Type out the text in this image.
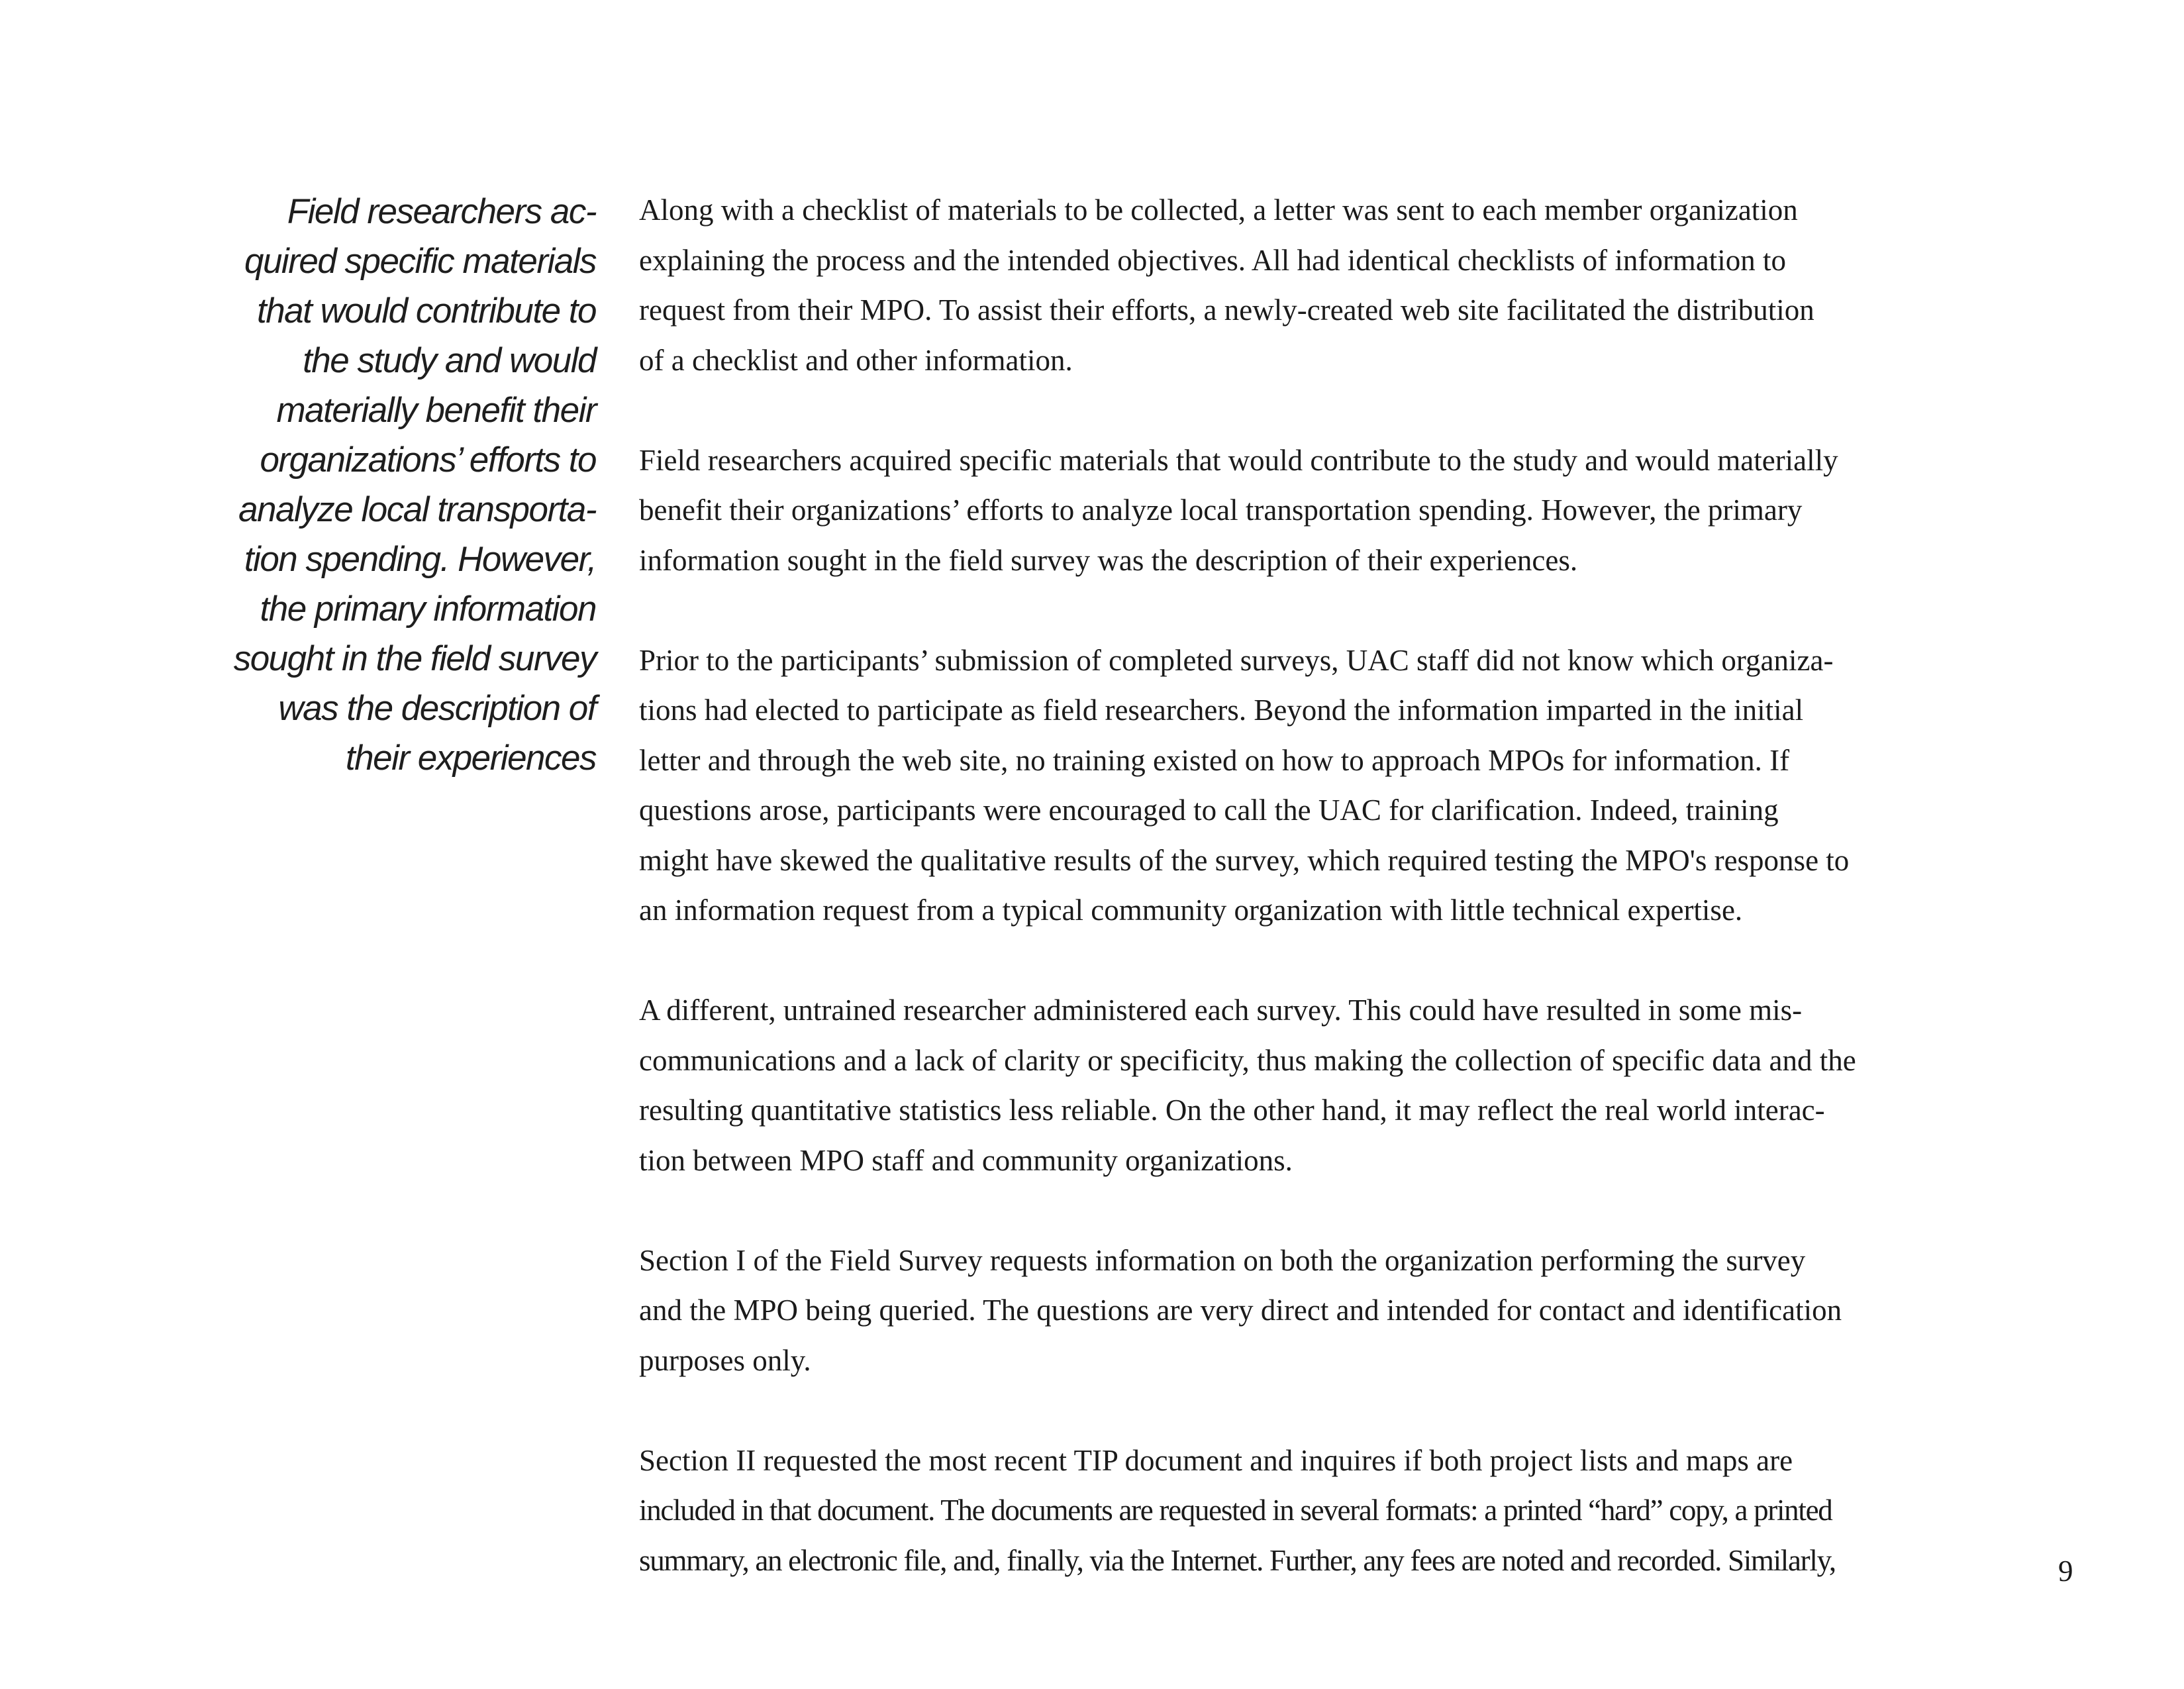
Field researchers ac-
quired specific materials
that would contribute to
the study and would
materially benefit their
organizations’ efforts to
analyze local transporta-
tion spending. However,
the primary information
sought in the field survey
was the description of
their experiences

Along with a checklist of materials to be collected, a letter was sent to each member organization
explaining the process and the intended objectives. All had identical checklists of information to
request from their MPO. To assist their efforts, a newly-created web site facilitated the distribution
of a checklist and other information.

Field researchers acquired specific materials that would contribute to the study and would materially
benefit their organizations’ efforts to analyze local transportation spending. However, the primary
information sought in the field survey was the description of their experiences.

Prior to the participants’ submission of completed surveys, UAC staff did not know which organiza-
tions had elected to participate as field researchers. Beyond the information imparted in the initial
letter and through the web site, no training existed on how to approach MPOs for information. If
questions arose, participants were encouraged to call the UAC for clarification. Indeed, training
might have skewed the qualitative results of the survey, which required testing the MPO's response to
an information request from a typical community organization with little technical expertise.

A different, untrained researcher administered each survey. This could have resulted in some mis-
communications and a lack of clarity or specificity, thus making the collection of specific data and the
resulting quantitative statistics less reliable. On the other hand, it may reflect the real world interac-
tion between MPO staff and community organizations.

Section I of the Field Survey requests information on both the organization performing the survey
and the MPO being queried. The questions are very direct and intended for contact and identification
purposes only.

Section II requested the most recent TIP document and inquires if both project lists and maps are
included in that document. The documents are requested in several formats: a printed “hard” copy, a printed
summary, an electronic file, and, finally, via the Internet. Further, any fees are noted and recorded. Similarly,	9
